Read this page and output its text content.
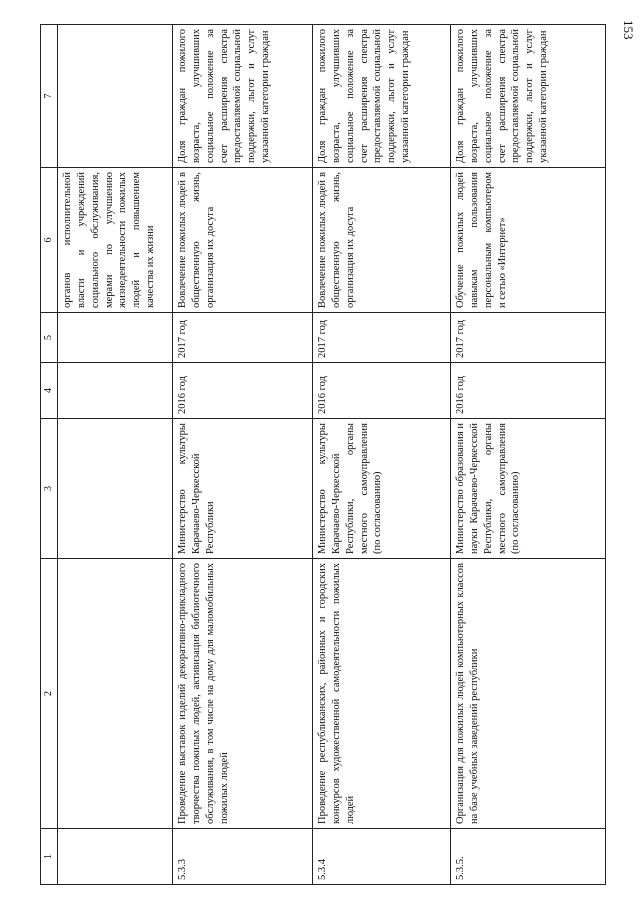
153
1	2	3	4	5	6	7
					органов исполнительной власти и учреждений социального обслуживания, мерами по улучшению жизнедеятельности пожилых людей и повышением качества их жизни	
5.3.3	Проведение выставок изделий декоративно-прикладного творчества пожилых людей, активизация библиотечного обслуживания, в том числе на дому для маломобильных пожилых людей	Министерство культуры Карачаево-Черкесской Республики	2016 год	2017 год	Вовлечение пожилых людей в общественную жизнь, организация их досуга	Доля граждан пожилого возраста, улучшивших социальное положение за счет расширения спектра предоставляемой социальной поддержки, льгот и услуг указанной категории граждан
5.3.4	Проведение республиканских, районных и городских конкурсов художественной самодеятельности пожилых людей	Министерство культуры Карачаево-Черкесской Республики, органы местного самоуправления (по согласованию)	2016 год	2017 год	Вовлечение пожилых людей в общественную жизнь, организация их досуга	Доля граждан пожилого возраста, улучшивших социальное положение за счет расширения спектра предоставляемой социальной поддержки, льгот и услуг указанной категории граждан
5.3.5.	Организация для пожилых людей компьютерных классов на базе учебных заведений республики	Министерство образования и науки Карачаево-Черкесской Республики, органы местного самоуправления (по согласованию)	2016 год	2017 год	Обучение пожилых людей навыкам пользования персональным компьютером и сетью «Интернет»	Доля граждан пожилого возраста, улучшивших социальное положение за счет расширения спектра предоставляемой социальной поддержки, льгот и услуг указанной категории граждан
